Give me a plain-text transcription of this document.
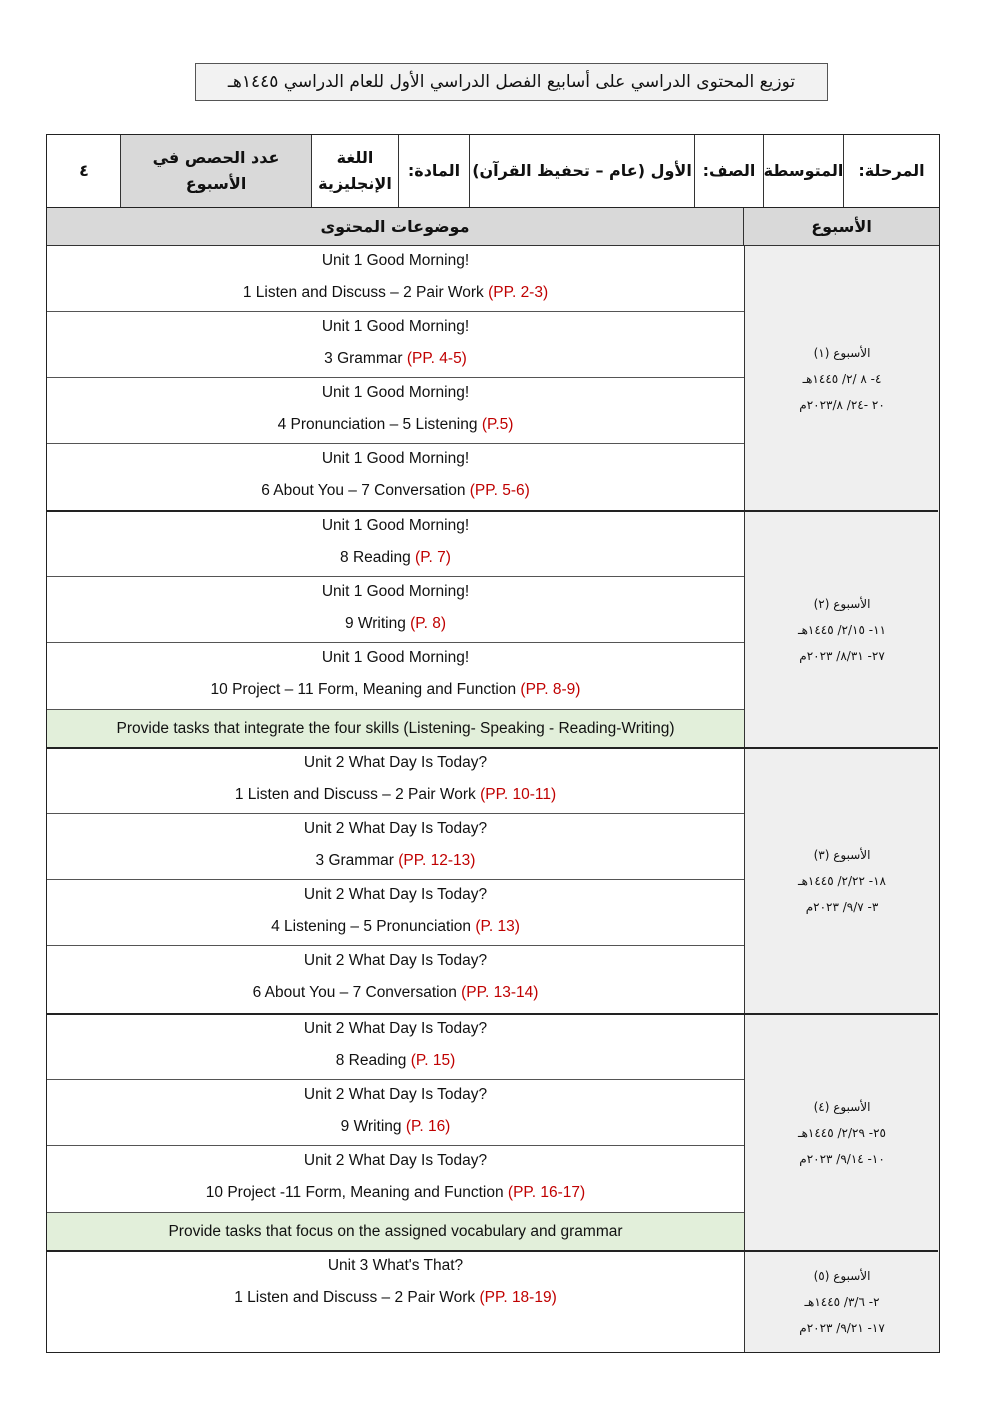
توزيع المحتوى الدراسي على أسابيع الفصل الدراسي الأول للعام الدراسي ١٤٤٥هـ
المرحلة:
المتوسطة
الصف:
الأول (عام – تحفيظ القرآن)
المادة:
اللغة الإنجليزية
عدد الحصص في الأسبوع
٤
موضوعات المحتوى	الأسبوع
الأسبوع (١)
٤- ٨ /٢/ ١٤٤٥هـ
٢٠ -٢٤/ ٢٠٢٣/٨م
الأسبوع (٢)
١١- ٢/١٥/ ١٤٤٥هـ
٢٧- ٨/٣١/ ٢٠٢٣م
الأسبوع (٣)
١٨- ٢/٢٢/ ١٤٤٥هـ
٣- ٩/٧/ ٢٠٢٣م
الأسبوع (٤)
٢٥- ٢/٢٩/ ١٤٤٥هـ
١٠- ٩/١٤/ ٢٠٢٣م
الأسبوع (٥)
٢- ٣/٦/ ١٤٤٥هـ
١٧- ٩/٢١/ ٢٠٢٣م
Unit 1 Good Morning!
1 Listen and Discuss – 2 Pair Work (PP. 2-3)
Unit 1 Good Morning!
3 Grammar (PP. 4-5)
Unit 1 Good Morning!
4 Pronunciation – 5 Listening (P.5)
Unit 1 Good Morning!
6 About You – 7 Conversation (PP. 5-6)
Unit 1 Good Morning!
8 Reading (P. 7)
Unit 1 Good Morning!
9 Writing (P. 8)
Unit 1 Good Morning!
10 Project – 11 Form, Meaning and Function (PP. 8-9)
Provide tasks that integrate the four skills (Listening- Speaking - Reading-Writing)
Unit 2 What Day Is Today?
1 Listen and Discuss – 2 Pair Work (PP. 10-11)
Unit 2 What Day Is Today?
3 Grammar (PP. 12-13)
Unit 2 What Day Is Today?
4 Listening – 5 Pronunciation (P. 13)
Unit 2 What Day Is Today?
6 About You – 7 Conversation (PP. 13-14)
Unit 2 What Day Is Today?
8 Reading (P. 15)
Unit 2 What Day Is Today?
9 Writing (P. 16)
Unit 2 What Day Is Today?
10 Project -11 Form, Meaning and Function (PP. 16-17)
Provide tasks that focus on the assigned vocabulary and grammar
Unit 3 What's That?
1 Listen and Discuss – 2 Pair Work (PP. 18-19)
